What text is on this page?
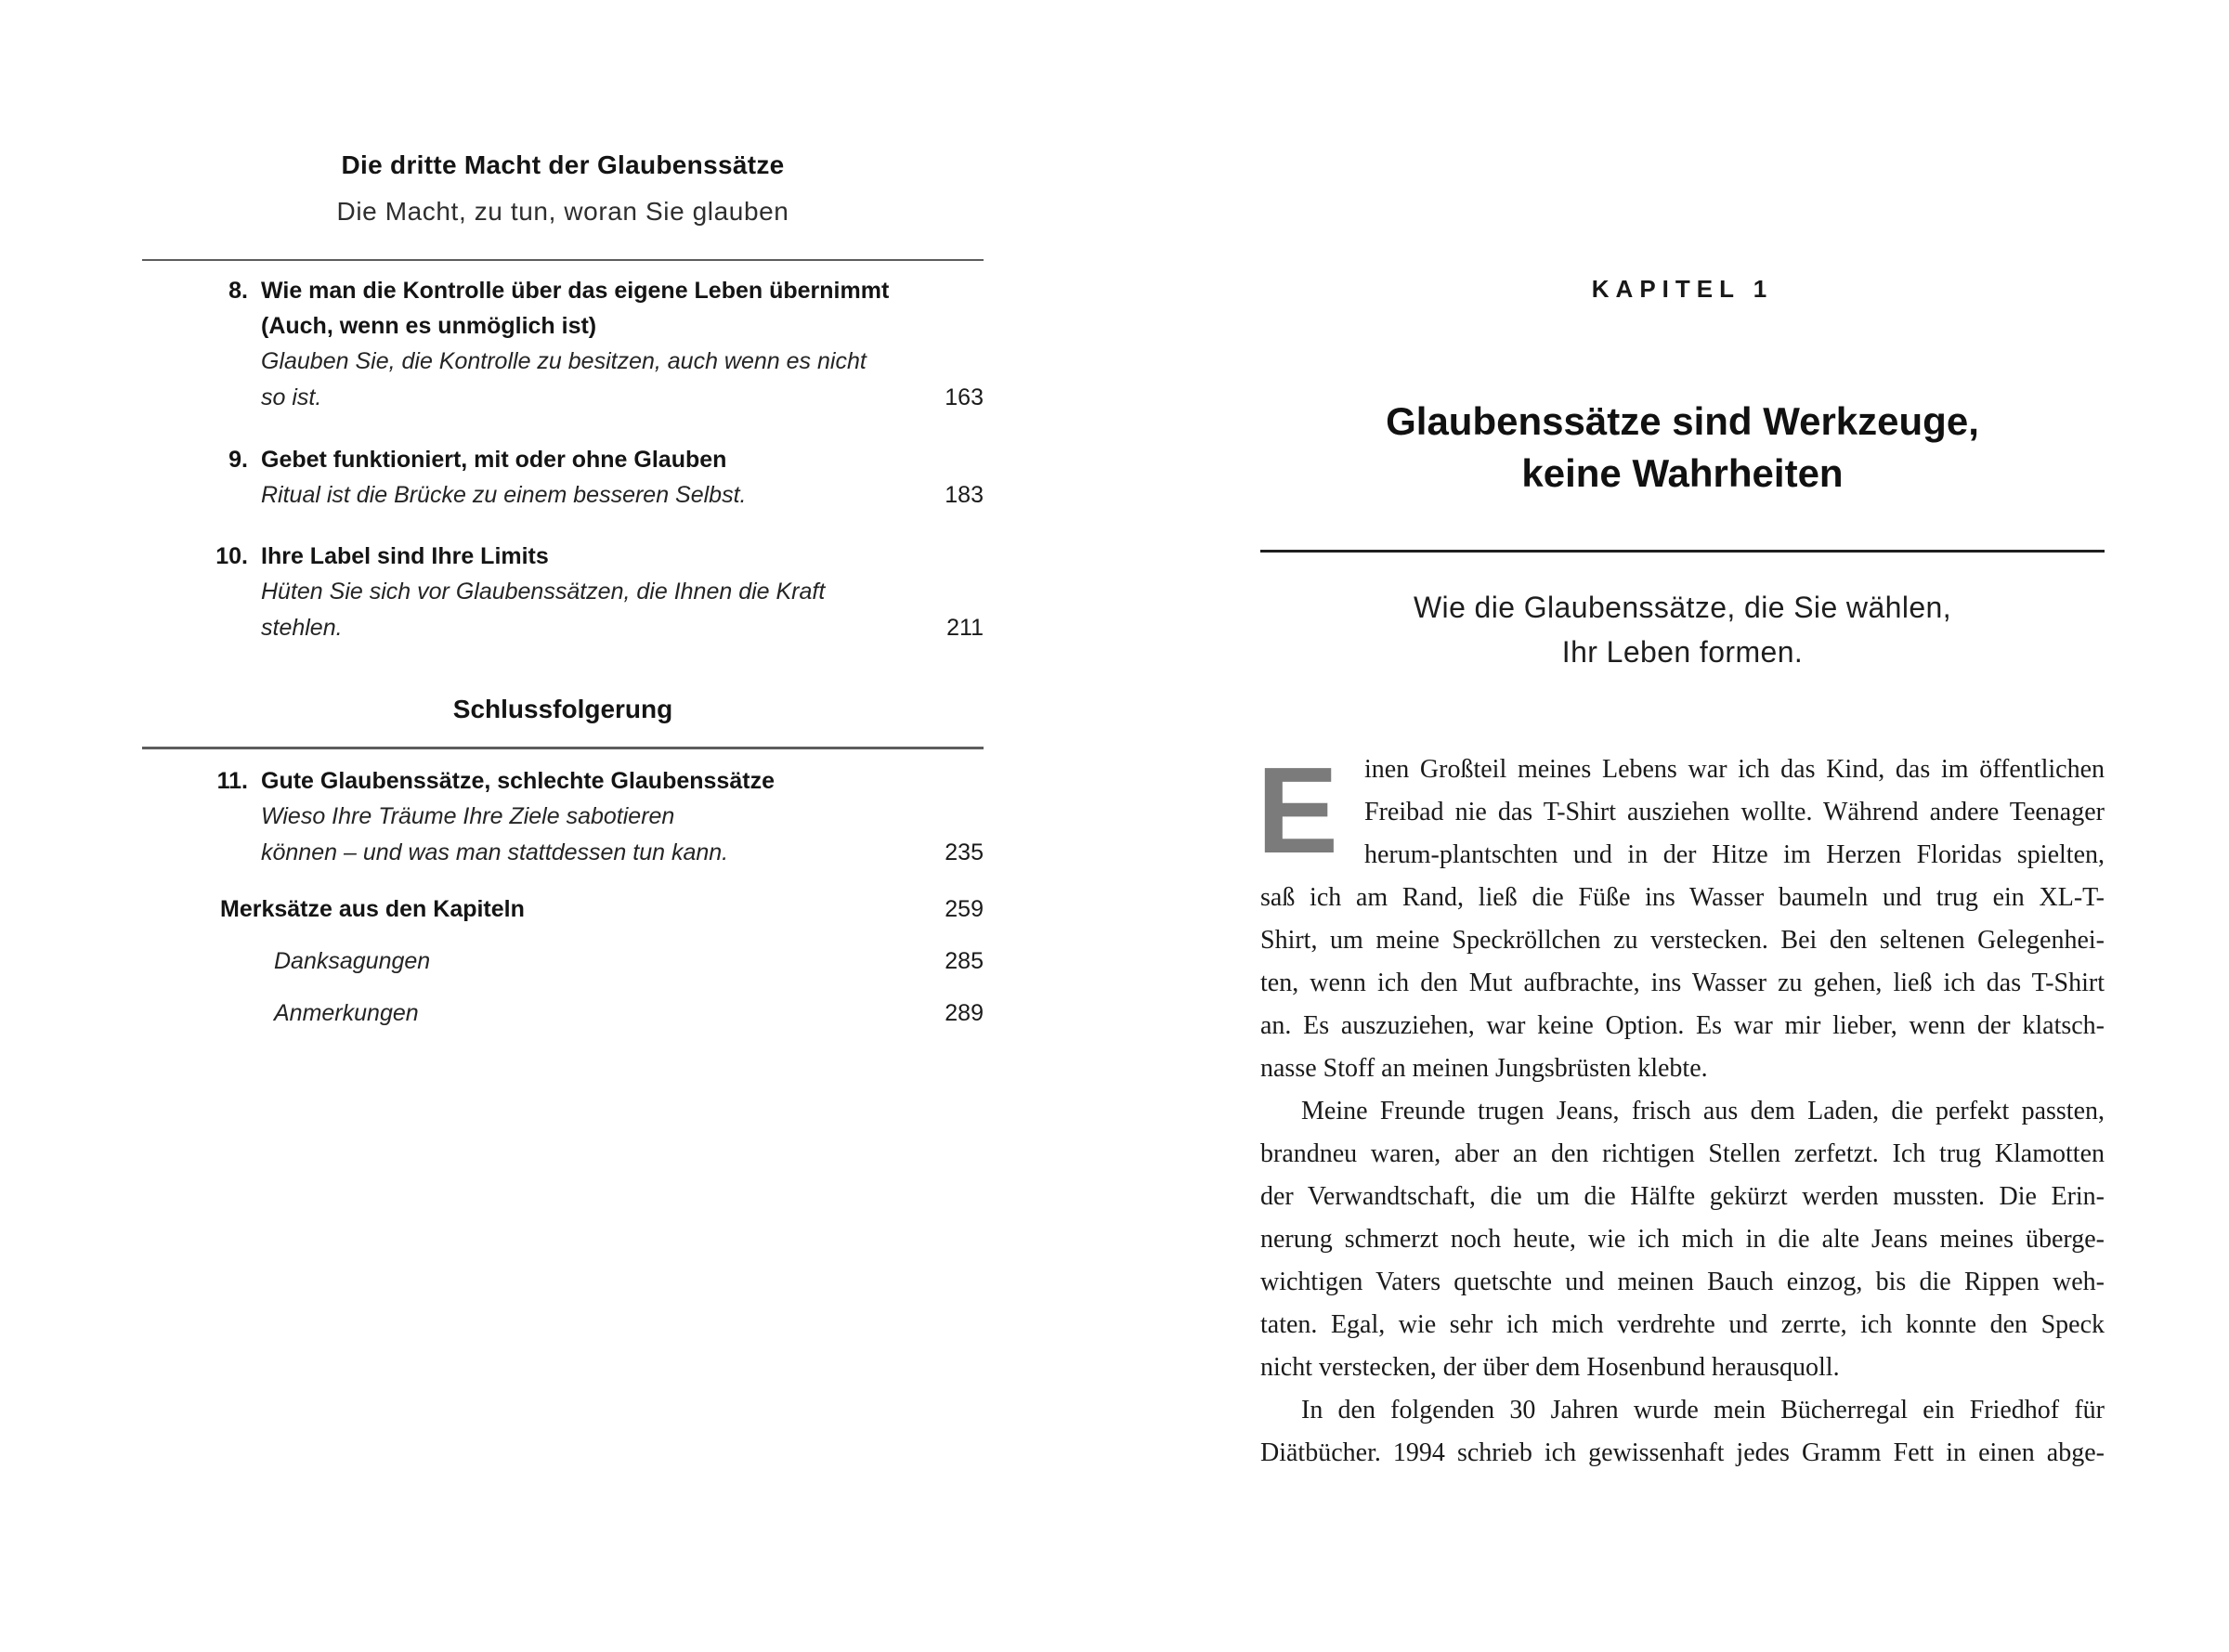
Die dritte Macht der Glaubenssätze
Die Macht, zu tun, woran Sie glauben
8. Wie man die Kontrolle über das eigene Leben übernimmt
(Auch, wenn es unmöglich ist)
Glauben Sie, die Kontrolle zu besitzen, auch wenn es nicht
so ist.	163
9. Gebet funktioniert, mit oder ohne Glauben
Ritual ist die Brücke zu einem besseren Selbst.	183
10. Ihre Label sind Ihre Limits
Hüten Sie sich vor Glaubenssätzen, die Ihnen die Kraft
stehlen.	211
Schlussfolgerung
11. Gute Glaubenssätze, schlechte Glaubenssätze
Wieso Ihre Träume Ihre Ziele sabotieren
können – und was man stattdessen tun kann.	235
Merksätze aus den Kapiteln	259
Danksagungen	285
Anmerkungen	289
KAPITEL 1
Glaubenssätze sind Werkzeuge,
keine Wahrheiten
Wie die Glaubenssätze, die Sie wählen,
Ihr Leben formen.
E inen Großteil meines Lebens war ich das Kind, das im öffentlichen
Freibad nie das T-Shirt ausziehen wollte. Während andere Teenager
herum-plantschten und in der Hitze im Herzen Floridas spielten,
saß ich am Rand, ließ die Füße ins Wasser baumeln und trug ein XL-T-
Shirt, um meine Speckröllchen zu verstecken. Bei den seltenen Gelegenhei-
ten, wenn ich den Mut aufbrachte, ins Wasser zu gehen, ließ ich das T-Shirt
an. Es auszuziehen, war keine Option. Es war mir lieber, wenn der klatsch-
nasse Stoff an meinen Jungsbrüsten klebte.
Meine Freunde trugen Jeans, frisch aus dem Laden, die perfekt passten,
brandneu waren, aber an den richtigen Stellen zerfetzt. Ich trug Klamotten
der Verwandtschaft, die um die Hälfte gekürzt werden mussten. Die Erin-
nerung schmerzt noch heute, wie ich mich in die alte Jeans meines überge-
wichtigen Vaters quetschte und meinen Bauch einzog, bis die Rippen weh-
taten. Egal, wie sehr ich mich verdrehte und zerrte, ich konnte den Speck
nicht verstecken, der über dem Hosenbund herausquoll.
In den folgenden 30 Jahren wurde mein Bücherregal ein Friedhof für
Diätbücher. 1994 schrieb ich gewissenhaft jedes Gramm Fett in einen abge-
